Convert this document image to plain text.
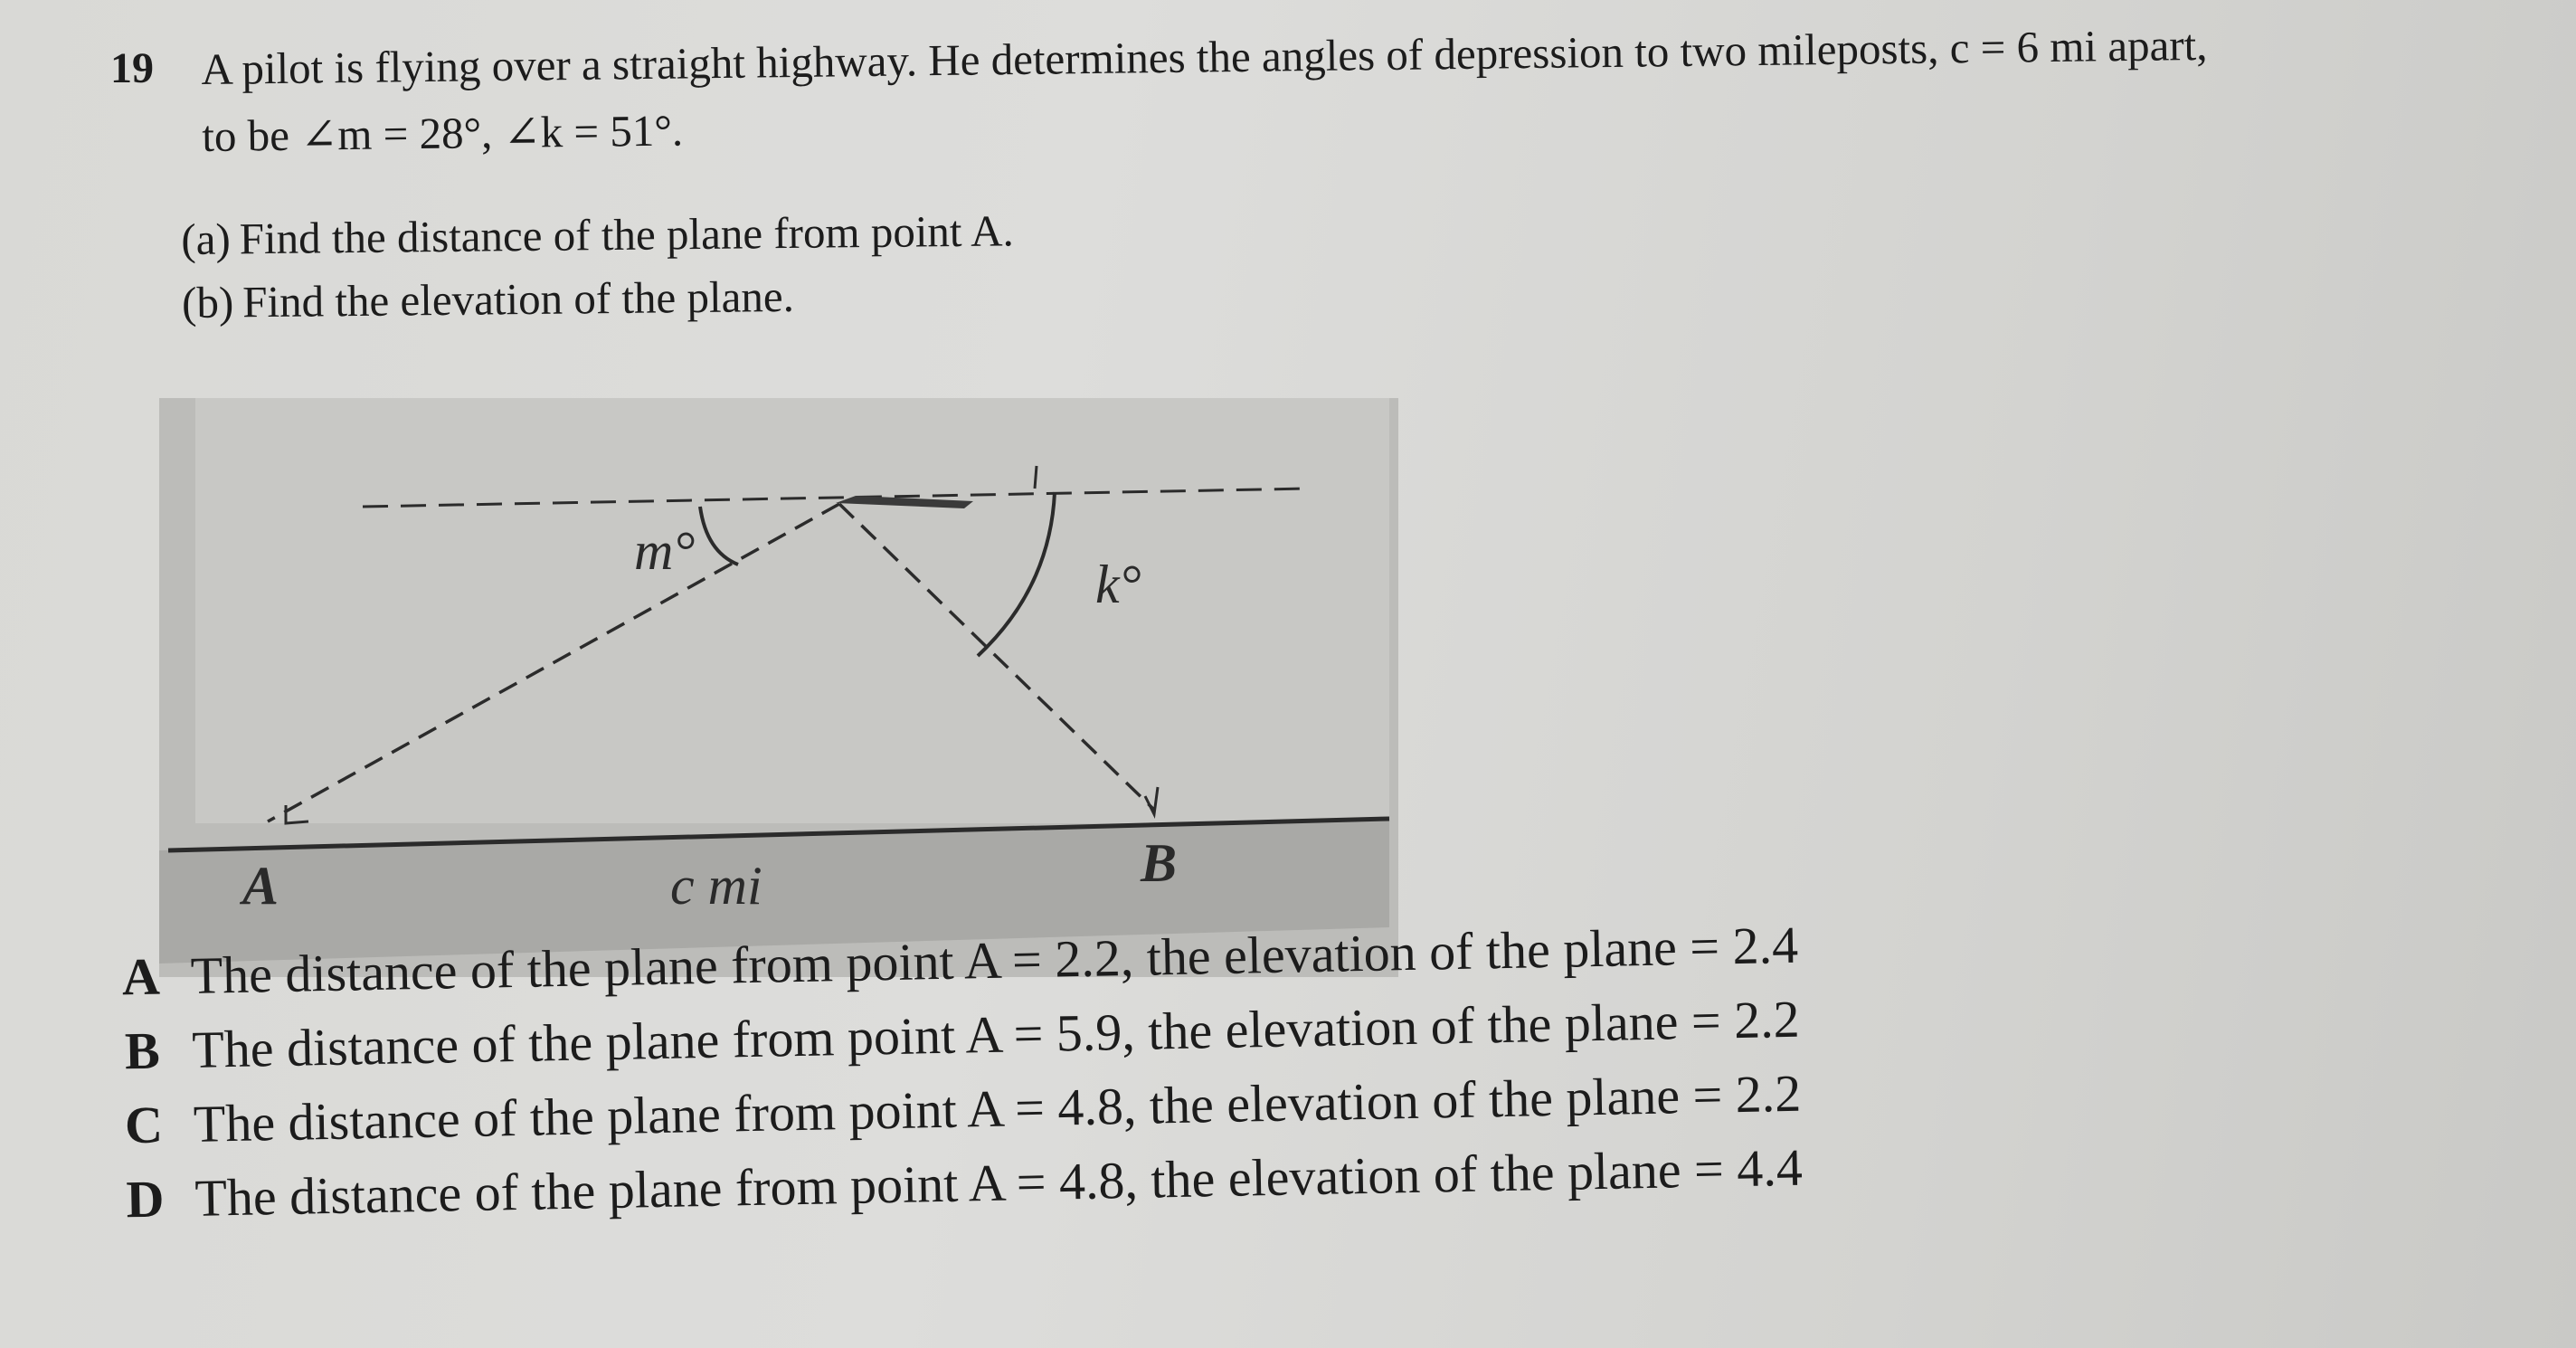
19 A pilot is flying over a straight highway. He determines the angles of depression to two mileposts, c = 6 mi apart,
to be ∠m = 28°, ∠k = 51°.
(a) Find the distance of the plane from point A.
(b) Find the elevation of the plane.
m°
k°
A	B
c mi
A The distance of the plane from point A = 2.2, the elevation of the plane = 2.4
B The distance of the plane from point A = 5.9, the elevation of the plane = 2.2
C The distance of the plane from point A = 4.8, the elevation of the plane = 2.2
D The distance of the plane from point A = 4.8, the elevation of the plane = 4.4
